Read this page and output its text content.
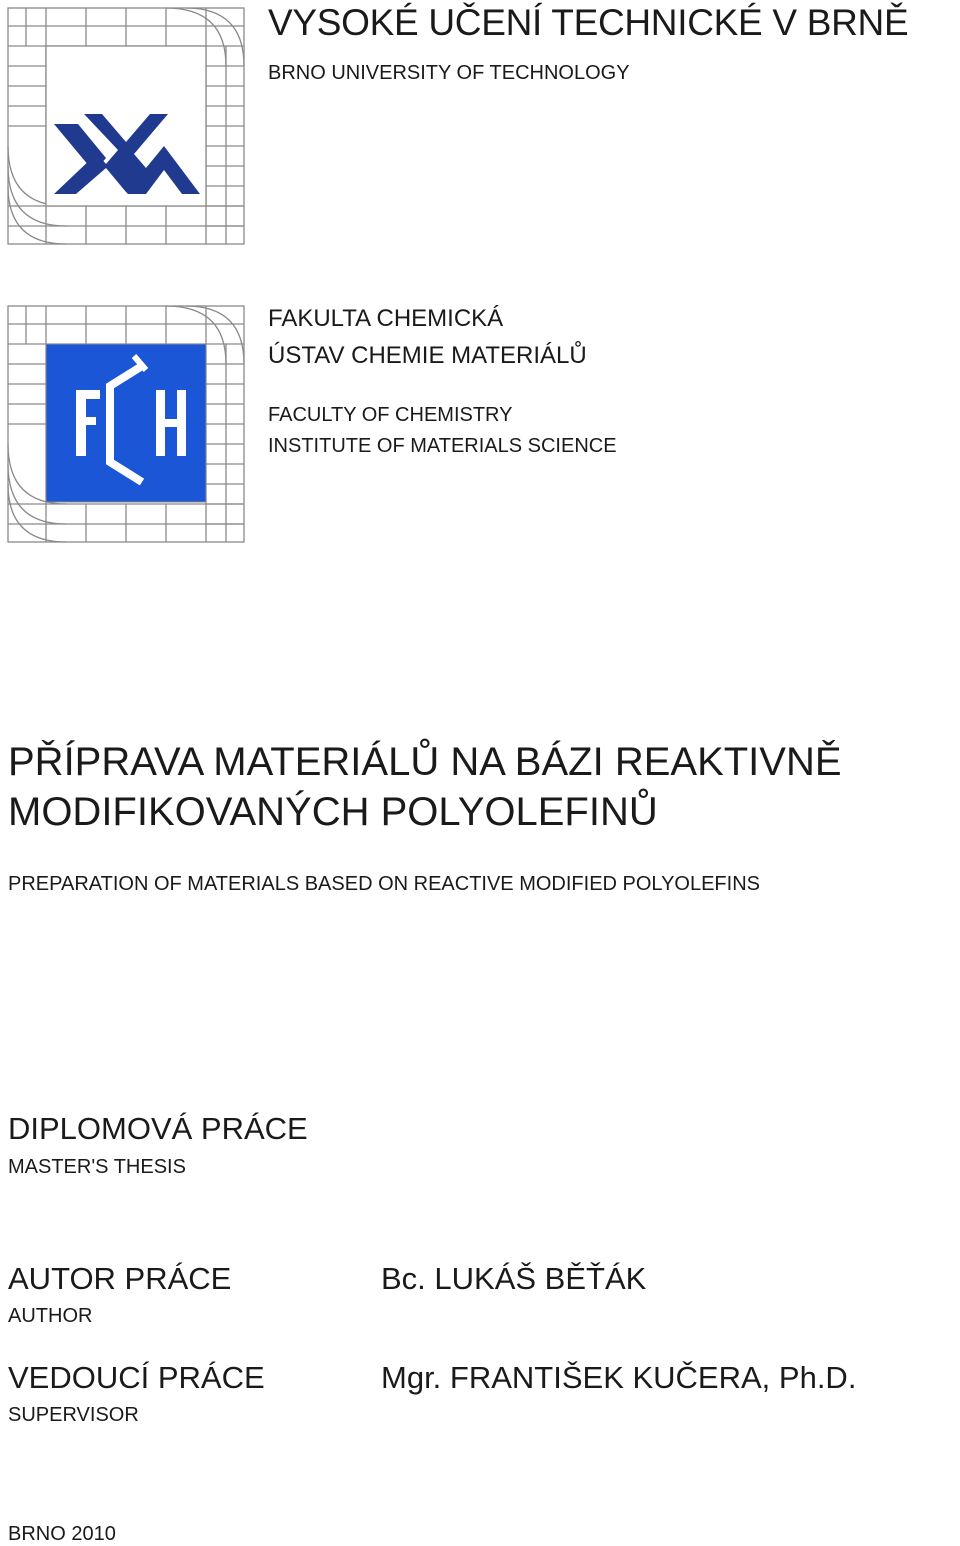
VYSOKÉ UČENÍ TECHNICKÉ V BRNĚ
BRNO UNIVERSITY OF TECHNOLOGY
FAKULTA CHEMICKÁ
ÚSTAV CHEMIE MATERIÁLŮ
FACULTY OF CHEMISTRY
INSTITUTE OF MATERIALS SCIENCE
PŘÍPRAVA MATERIÁLŮ NA BÁZI REAKTIVNĚ
MODIFIKOVANÝCH POLYOLEFINŮ
PREPARATION OF MATERIALS BASED ON REACTIVE MODIFIED POLYOLEFINS
DIPLOMOVÁ PRÁCE
MASTER'S THESIS
AUTOR PRÁCE
AUTHOR
Bc. LUKÁŠ BĚŤÁK
VEDOUCÍ PRÁCE
SUPERVISOR
Mgr. FRANTIŠEK KUČERA, Ph.D.
BRNO 2010
